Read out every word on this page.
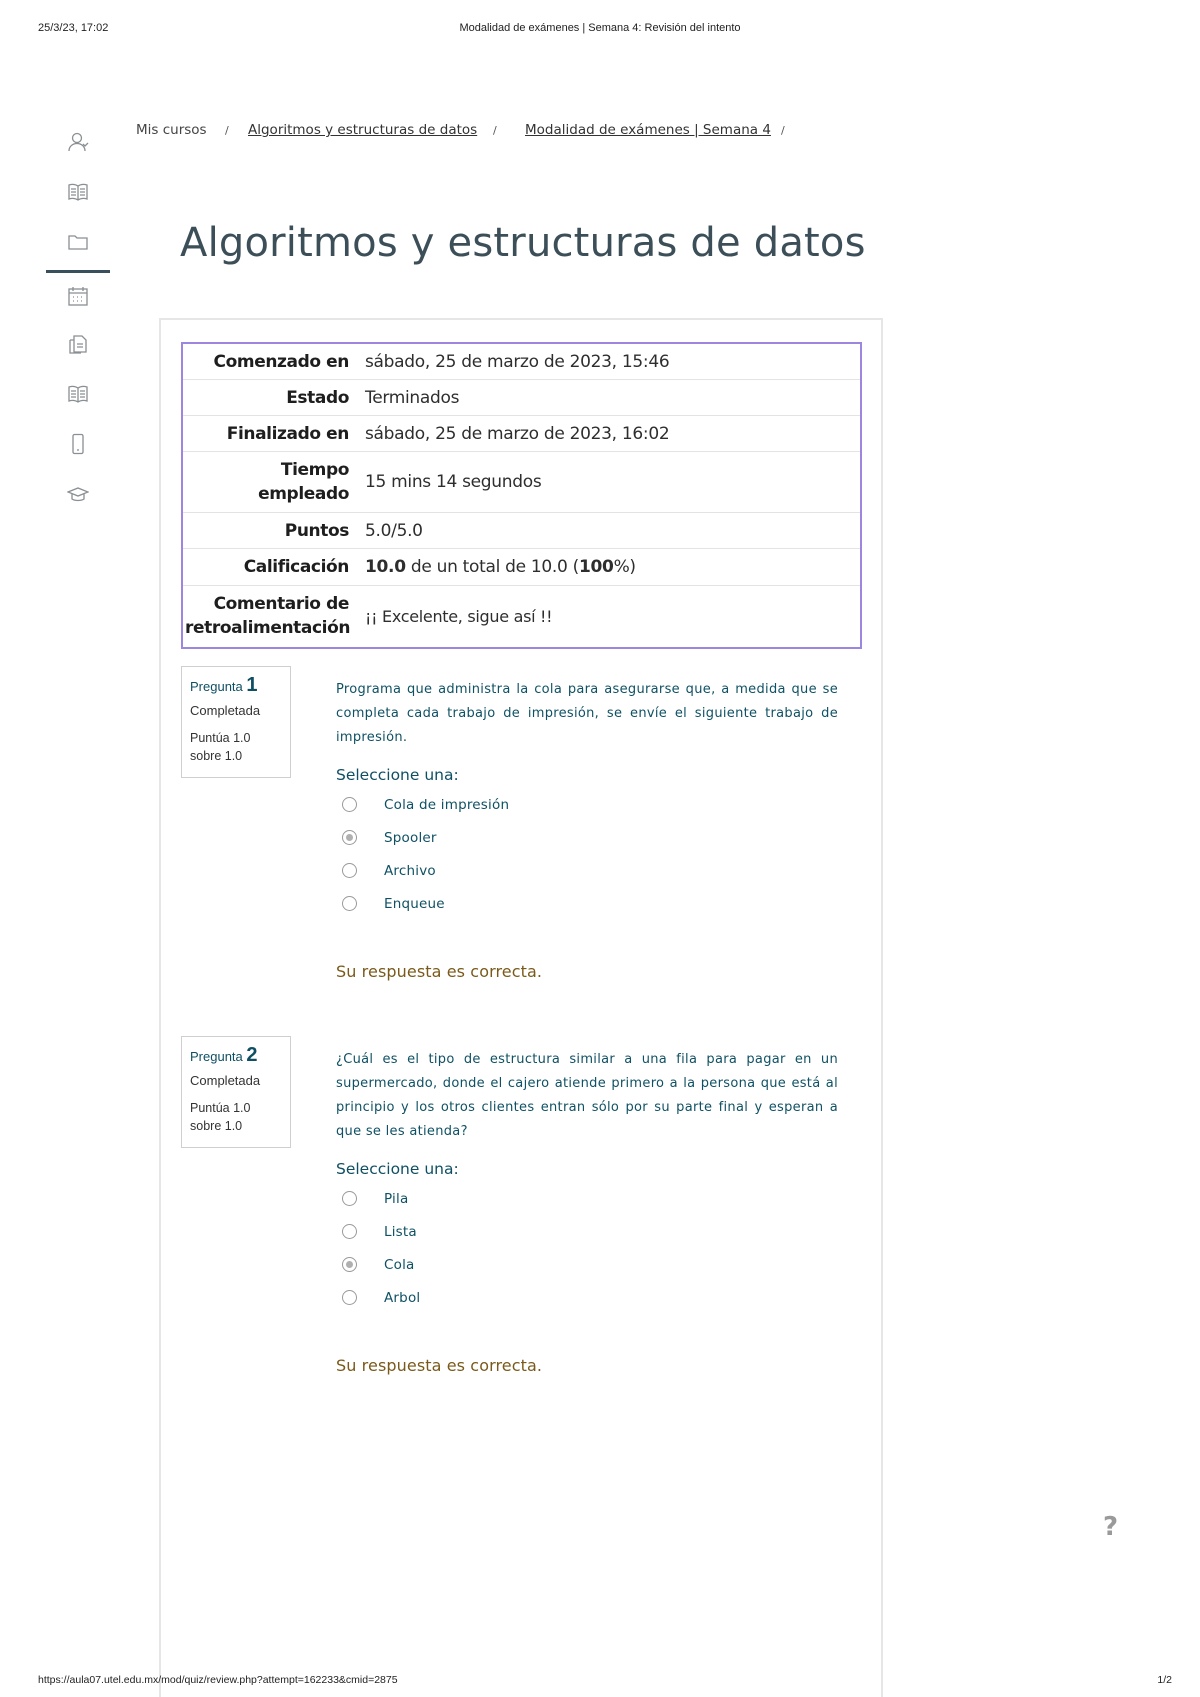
25/3/23, 17:02	Modalidad de exámenes | Semana 4: Revisión del intento
Mis cursos / Algoritmos y estructuras de datos / Modalidad de exámenes | Semana 4 /
Algoritmos y estructuras de datos
Comenzado en sábado, 25 de marzo de 2023, 15:46
Estado Terminados
Finalizado en sábado, 25 de marzo de 2023, 16:02
Tiempo empleado
15 mins 14 segundos
Puntos 5.0/5.0
Calificación 10.0 de un total de 10.0 ( 100 %)
Comentario de retroalimentación
¡¡ Excelente, sigue así !!
Pregunta 1
Completada
Puntúa 1.0
sobre 1.0
Programa que administra la cola para asegurarse que, a medida que se completa cada trabajo de impresión, se envíe el siguiente trabajo de impresión.
Seleccione una:
Cola de impresión
Spooler
Archivo
Enqueue
Su respuesta es correcta.
Pregunta 2
Completada
Puntúa 1.0
sobre 1.0
¿Cuál es el tipo de estructura similar a una fila para pagar en un supermercado, donde el cajero atiende primero a la persona que está al principio y los otros clientes entran sólo por su parte final y esperan a que se les atienda?
Seleccione una:
Pila
Lista
Cola
Arbol
Su respuesta es correcta.
?
https://aula07.utel.edu.mx/mod/quiz/review.php?attempt=162233&cmid=2875	1/2
